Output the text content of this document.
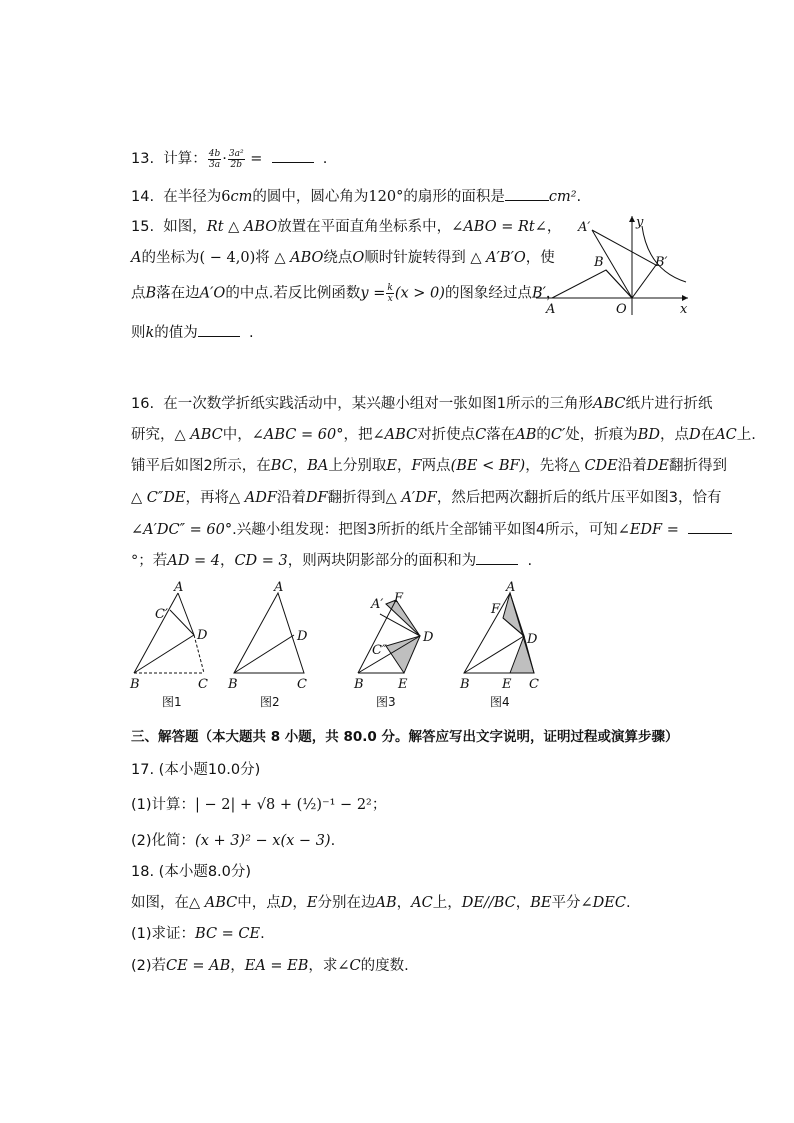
13. 计算： $\frac{4b}{3a} \cdot \frac{\text{3a²}}{2b}$ =	.
14. 在半径为6cm的圆中，圆心角为120°的扇形的面积是	cm².
15. 如图，Rt △ ABO放置在平面直角坐标系中，∠ABO = Rt∠，
A的坐标为( − 4,0)将 △ ABO绕点O顺时针旋转得到 △ A′B′O，使
点B落在边A′O的中点.若反比例函数$y = \frac{k}{x} (x > 0)$的图象经过点B′，
则k的值为	.
A′	y
B	B′
A	O	x
16. 在一次数学折纸实践活动中，某兴趣小组对一张如图1所示的三角形ABC纸片进行折纸
研究，△ ABC中，∠ABC = 60°，把∠ABC对折使点C落在AB的C′处，折痕为BD，点D在AC上.
铺平后如图2所示，在BC，BA上分别取E，F两点(BE < BF)，先将△ CDE沿着DE翻折得到
△ C″DE，再将△ ADF沿着DF翻折得到△ A′DF，然后把两次翻折后的纸片压平如图3，恰有
∠A′DC″ = 60°.兴趣小组发现：把图3所折的纸片全部铺平如图4所示，可知∠EDF =
°；若AD = 4，CD = 3，则两块阴影部分的面积和为	.
A
C′
D
B	C
图1
A
D
B	C
图2
A′ F
D
C″
B	E
图3
A
F
D
B E C
图4
三、解答题（本大题共 8 小题，共 80.0 分。解答应写出文字说明，证明过程或演算步骤）
17. (本小题10.0分)
(1)计算：| − 2| + √8 + (½)⁻¹ − 2²；
(2)化简：(x + 3)² − x(x − 3).
18. (本小题8.0分)
如图，在△ ABC中，点D，E分别在边AB，AC上，DE//BC，BE平分∠DEC.
(1)求证：BC = CE.
(2)若CE = AB，EA = EB，求∠C的度数.
